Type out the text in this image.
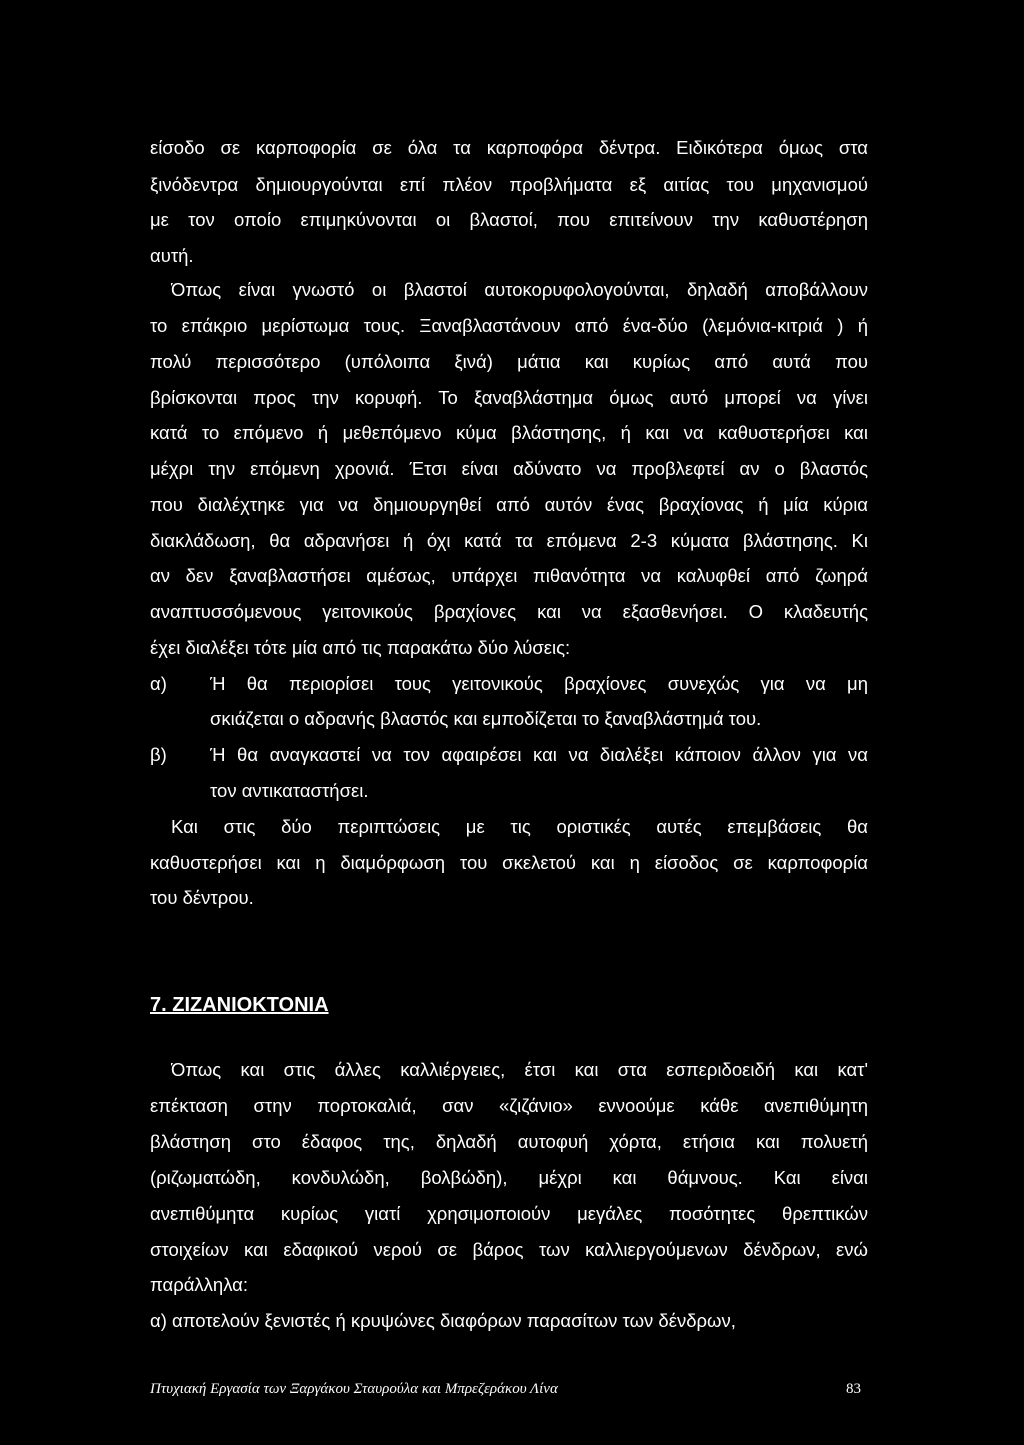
είσοδο σε καρποφορία σε όλα τα καρποφόρα δέντρα. Ειδικότερα όμως στα
ξινόδεντρα δημιουργούνται επί πλέον προβλήματα εξ αιτίας του μηχανισμού
με τον οποίο επιμηκύνονται οι βλαστοί, που επιτείνουν την καθυστέρηση
αυτή.
Όπως είναι γνωστό οι βλαστοί αυτοκορυφολογούνται, δηλαδή αποβάλλουν
το επάκριο μερίστωμα τους. Ξαναβλαστάνουν από ένα-δύο (λεμόνια-κιτριά ) ή
πολύ περισσότερο (υπόλοιπα ξινά) μάτια και κυρίως από αυτά που
βρίσκονται προς την κορυφή. Το ξαναβλάστημα όμως αυτό μπορεί να γίνει
κατά το επόμενο ή μεθεπόμενο κύμα βλάστησης, ή και να καθυστερήσει και
μέχρι την επόμενη χρονιά. Έτσι είναι αδύνατο να προβλεφτεί αν ο βλαστός
που διαλέχτηκε για να δημιουργηθεί από αυτόν ένας βραχίονας ή μία κύρια
διακλάδωση, θα αδρανήσει ή όχι κατά τα επόμενα 2-3 κύματα βλάστησης. Κι
αν δεν ξαναβλαστήσει αμέσως, υπάρχει πιθανότητα να καλυφθεί από ζωηρά
αναπτυσσόμενους γειτονικούς βραχίονες και να εξασθενήσει. Ο κλαδευτής
έχει διαλέξει τότε μία από τις παρακάτω δύο λύσεις:
α) Ή θα περιορίσει τους γειτονικούς βραχίονες συνεχώς για να μη
σκιάζεται ο αδρανής βλαστός και εμποδίζεται το ξαναβλάστημά του.
β) Ή θα αναγκαστεί να τον αφαιρέσει και να διαλέξει κάποιον άλλον για να
τον αντικαταστήσει.
Και στις δύο περιπτώσεις με τις οριστικές αυτές επεμβάσεις θα
καθυστερήσει και η διαμόρφωση του σκελετού και η είσοδος σε καρποφορία
του δέντρου.
7. ΖΙΖΑΝΙΟΚΤΟΝΙΑ
Όπως και στις άλλες καλλιέργειες, έτσι και στα εσπεριδοειδή και κατ'
επέκταση στην πορτοκαλιά, σαν «ζιζάνιο» εννοούμε κάθε ανεπιθύμητη
βλάστηση στο έδαφος της, δηλαδή αυτοφυή χόρτα, ετήσια και πολυετή
(ριζωματώδη, κονδυλώδη, βολβώδη), μέχρι και θάμνους. Και είναι
ανεπιθύμητα κυρίως γιατί χρησιμοποιούν μεγάλες ποσότητες θρεπτικών
στοιχείων και εδαφικού νερού σε βάρος των καλλιεργούμενων δένδρων, ενώ
παράλληλα:
α) αποτελούν ξενιστές ή κρυψώνες διαφόρων παρασίτων των δένδρων,
Πτυχιακή Εργασία των Ξαργάκου Σταυρούλα και Μπρεζεράκου Λίνα	83
